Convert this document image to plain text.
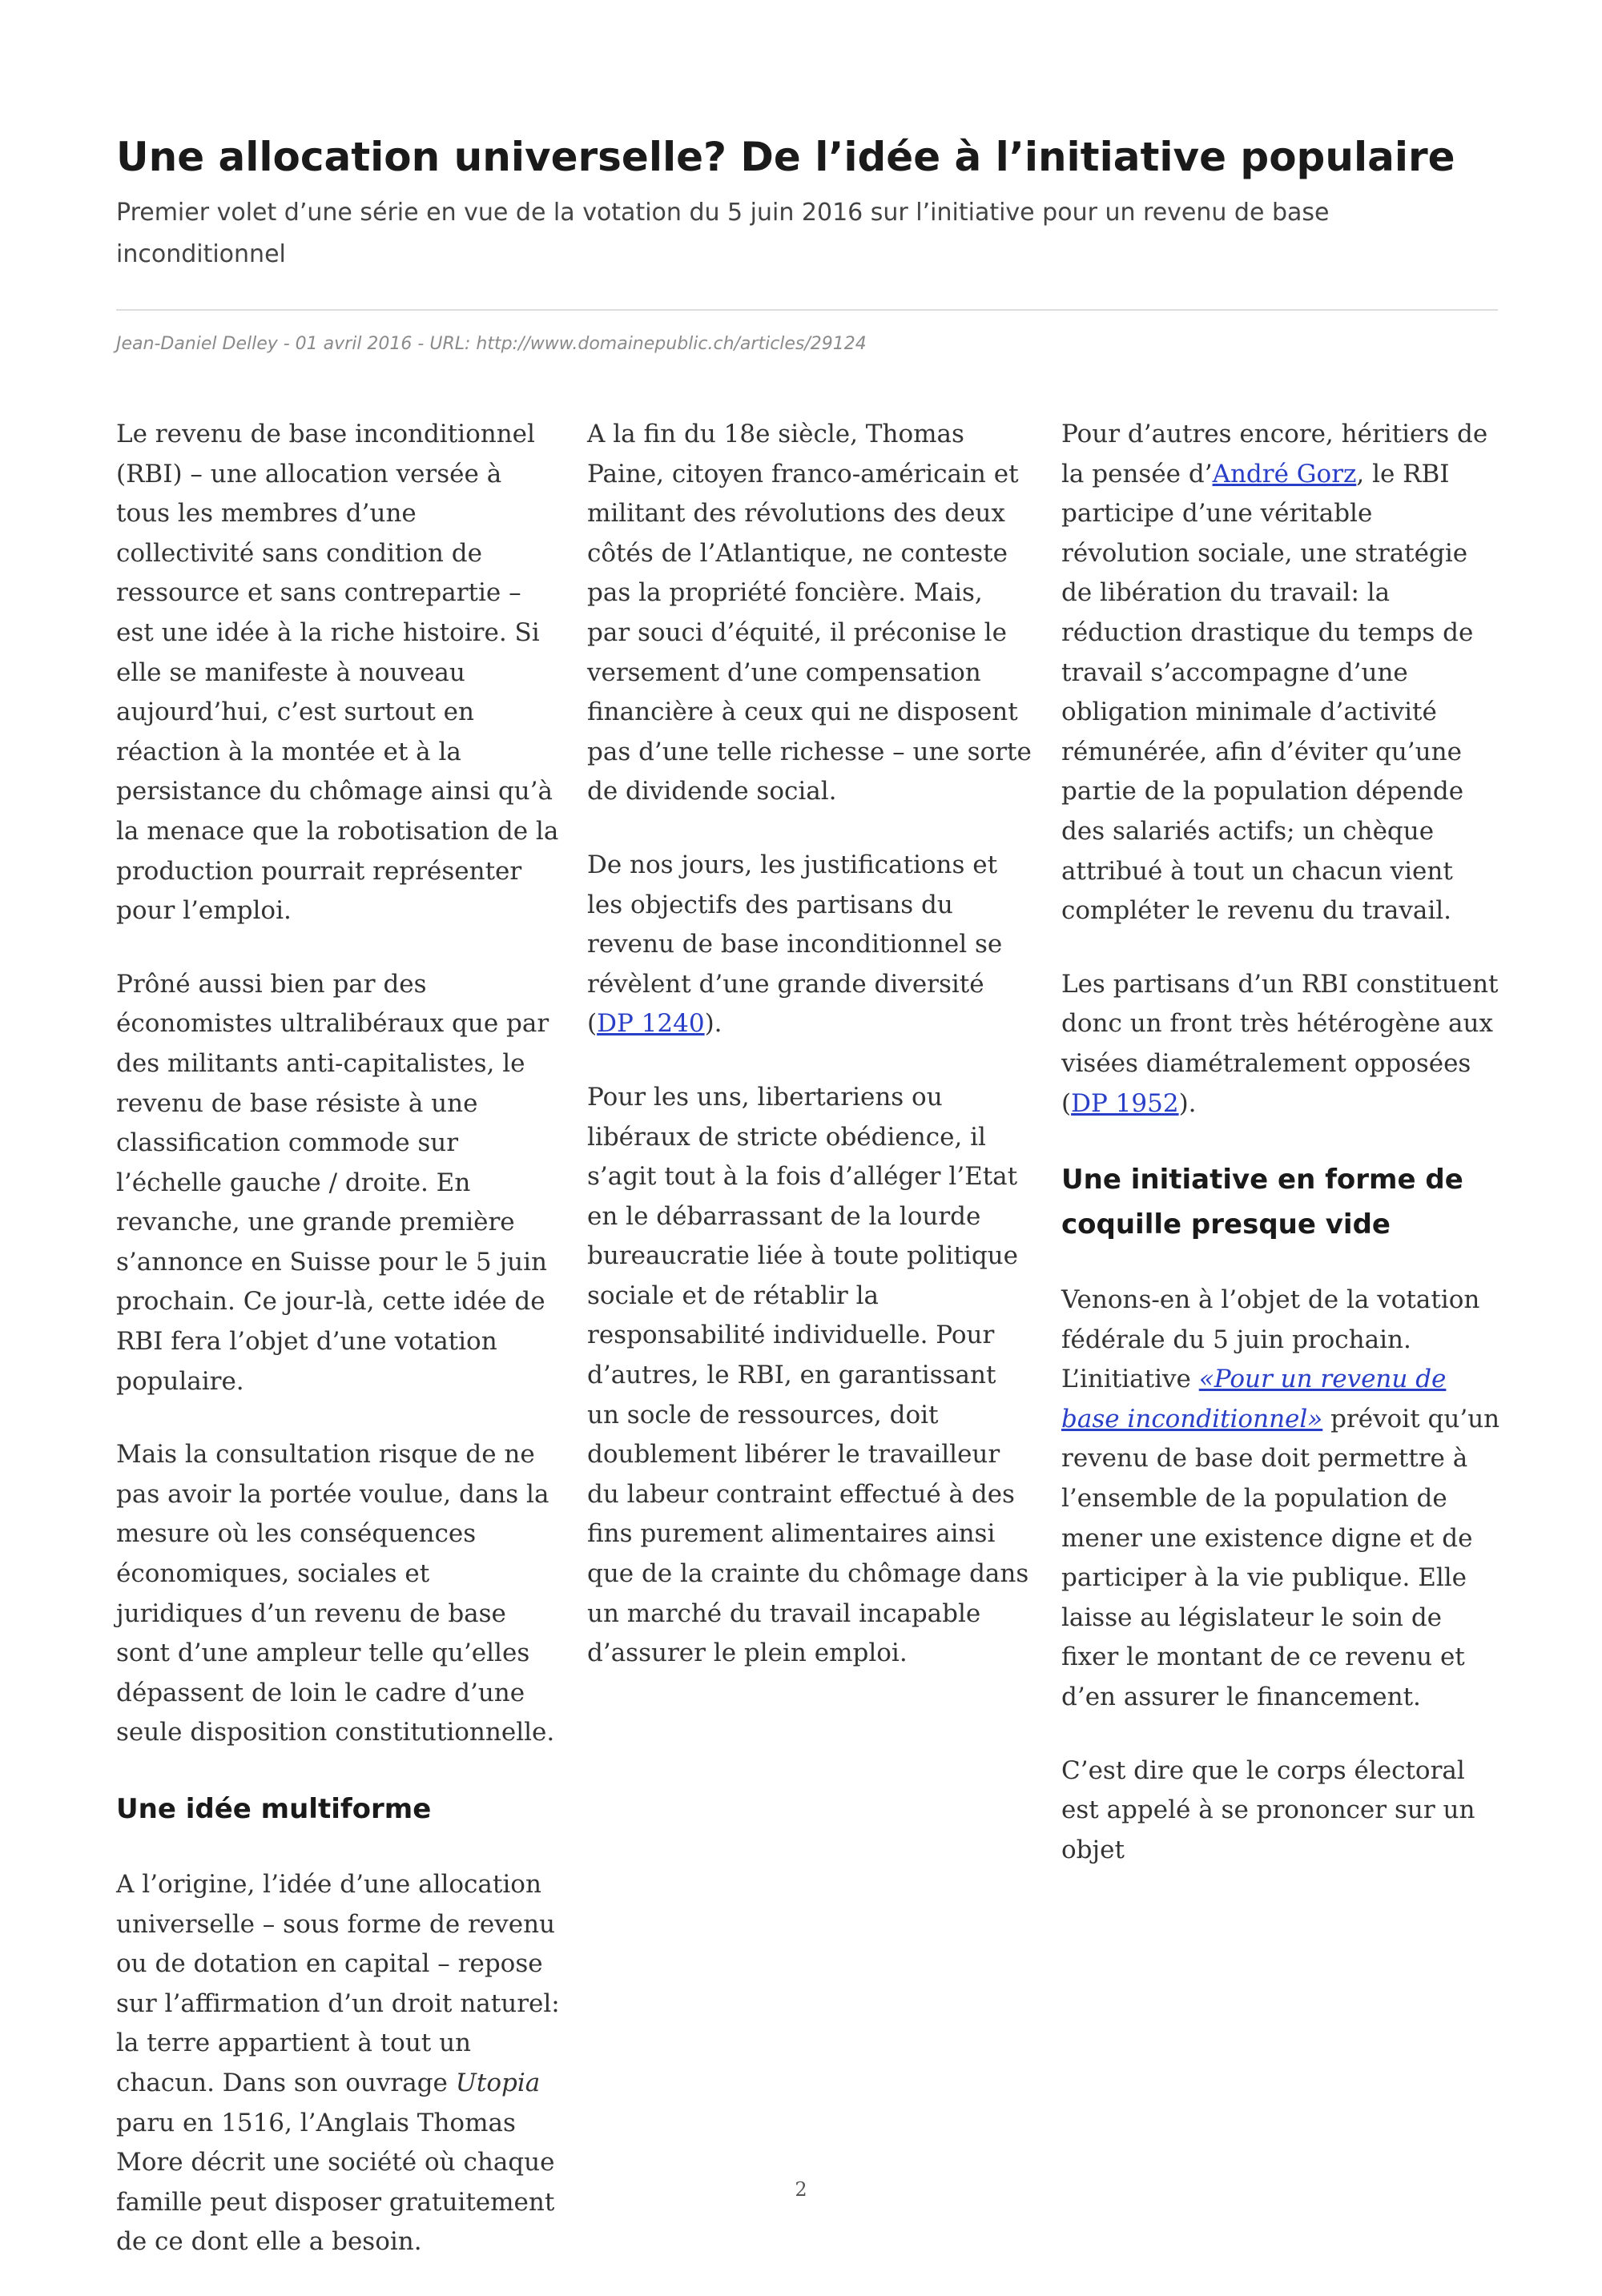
Une allocation universelle? De l’idée à l’initiative populaire

Premier volet d’une série en vue de la votation du 5 juin 2016 sur l’initiative pour un revenu de base inconditionnel

Jean-Daniel Delley - 01 avril 2016 - URL: http://www.domainepublic.ch/articles/29124

Le revenu de base inconditionnel (RBI) – une allocation versée à tous les membres d’une collectivité sans condition de ressource et sans contrepartie – est une idée à la riche histoire. Si elle se manifeste à nouveau aujourd’hui, c’est surtout en réaction à la montée et à la persistance du chômage ainsi qu’à la menace que la robotisation de la production pourrait représenter pour l’emploi.

Prôné aussi bien par des économistes ultralibéraux que par des militants anti-capitalistes, le revenu de base résiste à une classification commode sur l’échelle gauche / droite. En revanche, une grande première s’annonce en Suisse pour le 5 juin prochain. Ce jour-là, cette idée de RBI fera l’objet d’une votation populaire.

Mais la consultation risque de ne pas avoir la portée voulue, dans la mesure où les conséquences économiques, sociales et juridiques d’un revenu de base sont d’une ampleur telle qu’elles dépassent de loin le cadre d’une seule disposition constitutionnelle.

Une idée multiforme

A l’origine, l’idée d’une allocation universelle – sous forme de revenu ou de dotation en capital – repose sur l’affirmation d’un droit naturel: la terre appartient à tout un chacun. Dans son ouvrage Utopia paru en 1516, l’Anglais Thomas More décrit une société où chaque famille peut disposer gratuitement de ce dont elle a besoin.

A la fin du 18e siècle, Thomas Paine, citoyen franco-américain et militant des révolutions des deux côtés de l’Atlantique, ne conteste pas la propriété foncière. Mais, par souci d’équité, il préconise le versement d’une compensation financière à ceux qui ne disposent pas d’une telle richesse – une sorte de dividende social.

De nos jours, les justifications et les objectifs des partisans du revenu de base inconditionnel se révèlent d’une grande diversité (DP 1240).

Pour les uns, libertariens ou libéraux de stricte obédience, il s’agit tout à la fois d’alléger l’Etat en le débarrassant de la lourde bureaucratie liée à toute politique sociale et de rétablir la responsabilité individuelle. Pour d’autres, le RBI, en garantissant un socle de ressources, doit doublement libérer le travailleur du labeur contraint effectué à des fins purement alimentaires ainsi que de la crainte du chômage dans un marché du travail incapable d’assurer le plein emploi.

Pour d’autres encore, héritiers de la pensée d’André Gorz, le RBI participe d’une véritable révolution sociale, une stratégie de libération du travail: la réduction drastique du temps de travail s’accompagne d’une obligation minimale d’activité rémunérée, afin d’éviter qu’une partie de la population dépende des salariés actifs; un chèque attribué à tout un chacun vient compléter le revenu du travail.

Les partisans d’un RBI constituent donc un front très hétérogène aux visées diamétralement opposées (DP 1952).

Une initiative en forme de coquille presque vide

Venons-en à l’objet de la votation fédérale du 5 juin prochain. L’initiative «Pour un revenu de base inconditionnel» prévoit qu’un revenu de base doit permettre à l’ensemble de la population de mener une existence digne et de participer à la vie publique. Elle laisse au législateur le soin de fixer le montant de ce revenu et d’en assurer le financement.

C’est dire que le corps électoral est appelé à se prononcer sur un objet

2
